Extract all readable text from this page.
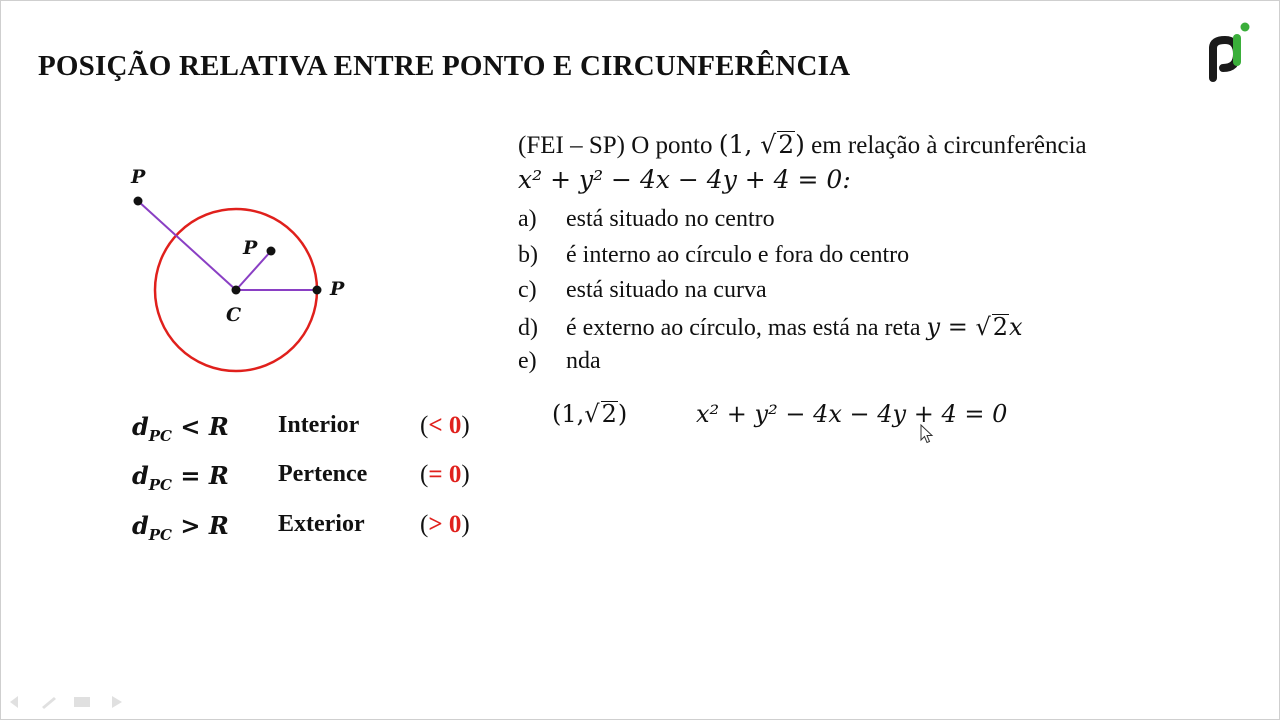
POSIÇÃO RELATIVA ENTRE PONTO E CIRCUNFERÊNCIA
P
P
P
C
$d_{PC} < R$ Interior (< 0)
$d_{PC} = R$ Pertence (= 0)
$d_{PC} > R$ Exterior (> 0)
(FEI – SP) O ponto (1, √2) em relação à circunferência
x² + y² − 4x − 4y + 4 = 0:
a) está situado no centro
b) é interno ao círculo e fora do centro
c) está situado na curva
d) é externo ao círculo, mas está na reta y = √2x
e) nda
(1,√2)	x² + y² − 4x − 4y + 4 = 0
